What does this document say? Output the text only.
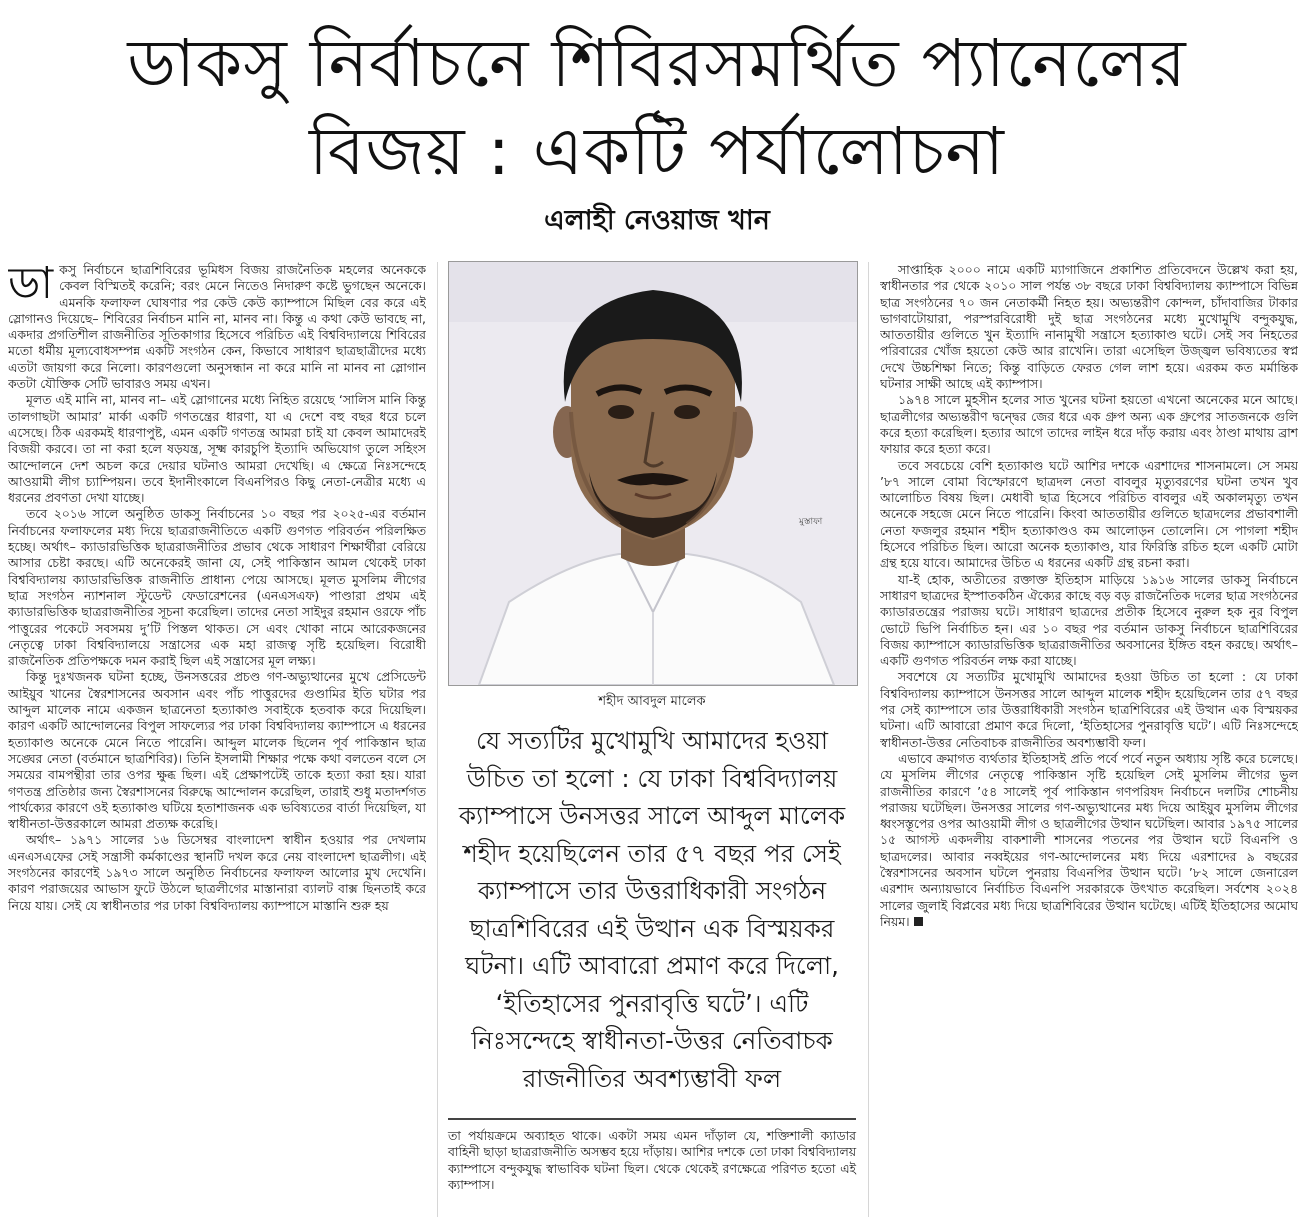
ডাকসু নির্বাচনে শিবিরসমর্থিত প্যানেলের
বিজয় : একটি পর্যালোচনা
এলাহী নেওয়াজ খান

ডাকসু নির্বাচনে ছাত্রশিবিরের ভূমিধস বিজয় রাজনৈতিক মহলের অনেককে কেবল বিস্মিতই করেনি; বরং মেনে নিতেও নিদারুণ কষ্টে ভুগছেন অনেকে। এমনকি ফলাফল ঘোষণার পর কেউ কেউ ক্যাম্পাসে মিছিল বের করে এই স্লোগানও দিয়েছে– শিবিরের নির্বাচন মানি না, মানব না। কিন্তু এ কথা কেউ ভাবছে না, একদার প্রগতিশীল রাজনীতির সূতিকাগার হিসেবে পরিচিত এই বিশ্ববিদ্যালয়ে শিবিরের মতো ধর্মীয় মূল্যবোধসম্পন্ন একটি সংগঠন কেন, কিভাবে সাধারণ ছাত্রছাত্রীদের মধ্যে এতটা জায়গা করে নিলো। কারণগুলো অনুসন্ধান না করে মানি না মানব না স্লোগান কতটা যৌক্তিক সেটি ভাবারও সময় এখন।

মূলত এই মানি না, মানব না– এই স্লোগানের মধ্যে নিহিত রয়েছে ‘সালিস মানি কিন্তু তালগাছটা আমার’ মার্কা একটি গণতন্ত্রের ধারণা, যা এ দেশে বহু বছর ধরে চলে এসেছে। ঠিক এরকমই ধারণাপুষ্ট, এমন একটি গণতন্ত্র আমরা চাই যা কেবল আমাদেরই বিজয়ী করবে। তা না করা হলে ষড়যন্ত্র, সূক্ষ্ম কারচুপি ইত্যাদি অভিযোগ তুলে সহিংস আন্দোলনে দেশ অচল করে দেয়ার ঘটনাও আমরা দেখেছি। এ ক্ষেত্রে নিঃসন্দেহে আওয়ামী লীগ চ্যাম্পিয়ন। তবে ইদানীংকালে বিএনপিরও কিছু নেতা-নেত্রীর মধ্যে এ ধরনের প্রবণতা দেখা যাচ্ছে।

তবে ২০১৬ সালে অনুষ্ঠিত ডাকসু নির্বাচনের ১০ বছর পর ২০২৫-এর বর্তমান নির্বাচনের ফলাফলের মধ্য দিয়ে ছাত্ররাজনীতিতে একটি গুণগত পরিবর্তন পরিলক্ষিত হচ্ছে। অর্থাৎ– ক্যাডারভিত্তিক ছাত্ররাজনীতির প্রভাব থেকে সাধারণ শিক্ষার্থীরা বেরিয়ে আসার চেষ্টা করছে। এটি অনেকেরই জানা যে, সেই পাকিস্তান আমল থেকেই ঢাকা বিশ্ববিদ্যালয় ক্যাডারভিত্তিক রাজনীতি প্রাধান্য পেয়ে আসছে। মূলত মুসলিম লীগের ছাত্র সংগঠন ন্যাশনাল স্টুডেন্ট ফেডারেশনের (এনএসএফ) পাণ্ডারা প্রথম এই ক্যাডারভিত্তিক ছাত্ররাজনীতির সূচনা করেছিল। তাদের নেতা সাইদুর রহমান ওরফে পাঁচ পাত্তুরের পকেটে সবসময় দু’টি পিস্তল থাকত। সে এবং খোকা নামে আরেকজনের নেতৃত্বে ঢাকা বিশ্ববিদ্যালয়ে সন্ত্রাসের এক মহা রাজত্ব সৃষ্টি হয়েছিল। বিরোধী রাজনৈতিক প্রতিপক্ষকে দমন করাই ছিল এই সন্ত্রাসের মূল লক্ষ্য।

কিন্তু দুঃখজনক ঘটনা হচ্ছে, উনসত্তরের প্রচণ্ড গণ-অভ্যুত্থানের মুখে প্রেসিডেন্ট আইয়ুব খানের স্বৈরশাসনের অবসান এবং পাঁচ পাত্তুরদের গুণ্ডামির ইতি ঘটার পর আব্দুল মালেক নামে একজন ছাত্রনেতা হত্যাকাণ্ড সবাইকে হতবাক করে দিয়েছিল। কারণ একটি আন্দোলনের বিপুল সাফল্যের পর ঢাকা বিশ্ববিদ্যালয় ক্যাম্পাসে এ ধরনের হত্যাকাণ্ড অনেকে মেনে নিতে পারেনি। আব্দুল মালেক ছিলেন পূর্ব পাকিস্তান ছাত্র সঙ্ঘের নেতা (বর্তমানে ছাত্রশিবির)। তিনি ইসলামী শিক্ষার পক্ষে কথা বলতেন বলে সে সময়ের বামপন্থীরা তার ওপর ক্ষুব্ধ ছিল। এই প্রেক্ষাপটেই তাকে হত্যা করা হয়। যারা গণতন্ত্র প্রতিষ্ঠার জন্য স্বৈরশাসনের বিরুদ্ধে আন্দোলন করেছিল, তারাই শুধু মতাদর্শগত পার্থক্যের কারণে ওই হত্যাকাণ্ড ঘটিয়ে হতাশাজনক এক ভবিষ্যতের বার্তা দিয়েছিল, যা স্বাধীনতা-উত্তরকালে আমরা প্রত্যক্ষ করেছি।

অর্থাৎ– ১৯৭১ সালের ১৬ ডিসেম্বর বাংলাদেশ স্বাধীন হওয়ার পর দেখলাম এনএসএফের সেই সন্ত্রাসী কর্মকাণ্ডের স্থানটি দখল করে নেয় বাংলাদেশ ছাত্রলীগ। এই সংগঠনের কারণেই ১৯৭৩ সালে অনুষ্ঠিত নির্বাচনের ফলাফল আলোর মুখ দেখেনি। কারণ পরাজয়ের আভাস ফুটে উঠলে ছাত্রলীগের মাস্তানারা ব্যালট বাক্স ছিনতাই করে নিয়ে যায়। সেই যে স্বাধীনতার পর ঢাকা বিশ্ববিদ্যালয় ক্যাম্পাসে মাস্তানি শুরু হয়

মুস্তাফা
শহীদ আবদুল মালেক
যে সত্যটির মুখোমুখি আমাদের হওয়া উচিত তা হলো : যে ঢাকা বিশ্ববিদ্যালয় ক্যাম্পাসে উনসত্তর সালে আব্দুল মালেক শহীদ হয়েছিলেন তার ৫৭ বছর পর সেই ক্যাম্পাসে তার উত্তরাধিকারী সংগঠন ছাত্রশিবিরের এই উত্থান এক বিস্ময়কর ঘটনা। এটি আবারো প্রমাণ করে দিলো, ‘ইতিহাসের পুনরাবৃত্তি ঘটে’। এটি নিঃসন্দেহে স্বাধীনতা-উত্তর নেতিবাচক রাজনীতির অবশ্যম্ভাবী ফল

তা পর্যায়ক্রমে অব্যাহত থাকে। একটা সময় এমন দাঁড়াল যে, শক্তিশালী ক্যাডার বাহিনী ছাড়া ছাত্ররাজনীতি অসম্ভব হয়ে দাঁড়ায়। আশির দশকে তো ঢাকা বিশ্ববিদ্যালয় ক্যাম্পাসে বন্দুকযুদ্ধ স্বাভাবিক ঘটনা ছিল। থেকে থেকেই রণক্ষেত্রে পরিণত হতো এই ক্যাম্পাস।

সাপ্তাহিক ২০০০ নামে একটি ম্যাগাজিনে প্রকাশিত প্রতিবেদনে উল্লেখ করা হয়, স্বাধীনতার পর থেকে ২০১০ সাল পর্যন্ত ৩৮ বছরে ঢাকা বিশ্ববিদ্যালয় ক্যাম্পাসে বিভিন্ন ছাত্র সংগঠনের ৭০ জন নেতাকর্মী নিহত হয়। অভ্যন্তরীণ কোন্দল, চাঁদাবাজির টাকার ভাগবাটোয়ারা, পরস্পরবিরোধী দুই ছাত্র সংগঠনের মধ্যে মুখোমুখি বন্দুকযুদ্ধ, আততায়ীর গুলিতে খুন ইত্যাদি নানামুখী সন্ত্রাসে হত্যাকাণ্ড ঘটে। সেই সব নিহতের পরিবারের খোঁজ হয়তো কেউ আর রাখেনি। তারা এসেছিল উজ্জ্বল ভবিষ্যতের স্বপ্ন দেখে উচ্চশিক্ষা নিতে; কিন্তু বাড়িতে ফেরত গেল লাশ হয়ে। এরকম কত মর্মান্তিক ঘটনার সাক্ষী আছে এই ক্যাম্পাস।

১৯৭৪ সালে মুহসীন হলের সাত খুনের ঘটনা হয়তো এখনো অনেকের মনে আছে। ছাত্রলীগের অভ্যন্তরীণ দ্বন্দ্বের জের ধরে এক গ্রুপ অন্য এক গ্রুপের সাতজনকে গুলি করে হত্যা করেছিল। হত্যার আগে তাদের লাইন ধরে দাঁড় করায় এবং ঠাণ্ডা মাথায় ব্রাশ ফায়ার করে হত্যা করে।

তবে সবচেয়ে বেশি হত্যাকাণ্ড ঘটে আশির দশকে এরশাদের শাসনামলে। সে সময় ’৮৭ সালে বোমা বিস্ফোরণে ছাত্রদল নেতা বাবলুর মৃত্যুবরণের ঘটনা তখন খুব আলোচিত বিষয় ছিল। মেধাবী ছাত্র হিসেবে পরিচিত বাবলুর এই অকালমৃত্যু তখন অনেকে সহজে মেনে নিতে পারেনি। কিংবা আততায়ীর গুলিতে ছাত্রদলের প্রভাবশালী নেতা ফজলুর রহমান শহীদ হত্যাকাণ্ডও কম আলোড়ন তোলেনি। সে পাগলা শহীদ হিসেবে পরিচিত ছিল। আরো অনেক হত্যাকাণ্ড, যার ফিরিস্তি রচিত হলে একটি মোটা গ্রন্থ হয়ে যাবে। আমাদের উচিত এ ধরনের একটি গ্রন্থ রচনা করা।

যা-ই হোক, অতীতের রক্তাক্ত ইতিহাস মাড়িয়ে ১৯১৬ সালের ডাকসু নির্বাচনে সাধারণ ছাত্রদের ইস্পাতকঠিন ঐক্যের কাছে বড় বড় রাজনৈতিক দলের ছাত্র সংগঠনের ক্যাডারতন্ত্রের পরাজয় ঘটে। সাধারণ ছাত্রদের প্রতীক হিসেবে নুরুল হক নুর বিপুল ভোটে ভিপি নির্বাচিত হন। এর ১০ বছর পর বর্তমান ডাকসু নির্বাচনে ছাত্রশিবিরের বিজয় ক্যাম্পাসে ক্যাডারভিত্তিক ছাত্ররাজনীতির অবসানের ইঙ্গিত বহন করছে। অর্থাৎ– একটি গুণগত পরিবর্তন লক্ষ করা যাচ্ছে।

সবশেষে যে সত্যটির মুখোমুখি আমাদের হওয়া উচিত তা হলো : যে ঢাকা বিশ্ববিদ্যালয় ক্যাম্পাসে উনসত্তর সালে আব্দুল মালেক শহীদ হয়েছিলেন তার ৫৭ বছর পর সেই ক্যাম্পাসে তার উত্তরাধিকারী সংগঠন ছাত্রশিবিরের এই উত্থান এক বিস্ময়কর ঘটনা। এটি আবারো প্রমাণ করে দিলো, ‘ইতিহাসের পুনরাবৃত্তি ঘটে’। এটি নিঃসন্দেহে স্বাধীনতা-উত্তর নেতিবাচক রাজনীতির অবশ্যম্ভাবী ফল।

এভাবে ক্রমাগত ব্যর্থতার ইতিহাসই প্রতি পর্বে পর্বে নতুন অধ্যায় সৃষ্টি করে চলেছে। যে মুসলিম লীগের নেতৃত্বে পাকিস্তান সৃষ্টি হয়েছিল সেই মুসলিম লীগের ভুল রাজনীতির কারণে ’৫৪ সালেই পূর্ব পাকিস্তান গণপরিষদ নির্বাচনে দলটির শোচনীয় পরাজয় ঘটেছিল। উনসত্তর সালের গণ-অভ্যুত্থানের মধ্য দিয়ে আইয়ুব মুসলিম লীগের ধ্বংসস্তূপের ওপর আওয়ামী লীগ ও ছাত্রলীগের উত্থান ঘটেছিল। আবার ১৯৭৫ সালের ১৫ আগস্ট একদলীয় বাকশালী শাসনের পতনের পর উত্থান ঘটে বিএনপি ও ছাত্রদলের। আবার নব্বইয়ের গণ-আন্দোলনের মধ্য দিয়ে এরশাদের ৯ বছরের স্বৈরশাসনের অবসান ঘটলে পুনরায় বিএনপির উত্থান ঘটে। ’৮২ সালে জেনারেল এরশাদ অন্যায়ভাবে নির্বাচিত বিএনপি সরকারকে উৎখাত করেছিল। সর্বশেষ ২০২৪ সালের জুলাই বিপ্লবের মধ্য দিয়ে ছাত্রশিবিরের উত্থান ঘটেছে। এটিই ইতিহাসের অমোঘ নিয়ম।
